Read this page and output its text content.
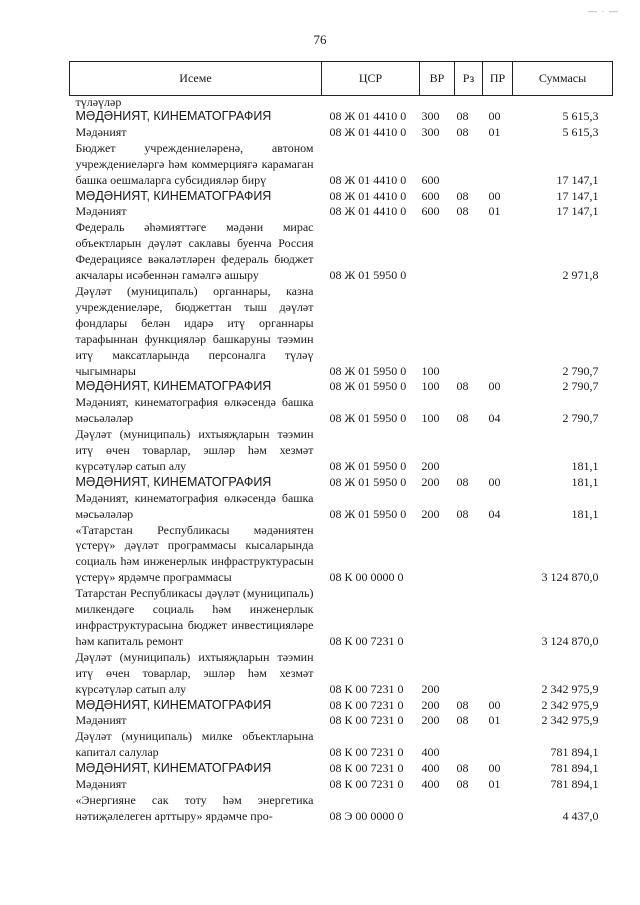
— · —
76
Исеме	ЦСР	ВР	Рз	ПР	Суммасы
түләүләр					
МӘДӘНИЯТ, КИНЕМАТОГРАФИЯ	08 Ж 01 4410 0	300	08	00	5 615,3
Мәдәният	08 Ж 01 4410 0	300	08	01	5 615,3
Бюджет учреждениеләренә, автоном учреждениеләргә һәм коммерциягә карамаган башка оешмаларга субсидияләр бирү	08 Ж 01 4410 0	600			17 147,1
МӘДӘНИЯТ, КИНЕМАТОГРАФИЯ	08 Ж 01 4410 0	600	08	00	17 147,1
Мәдәният	08 Ж 01 4410 0	600	08	01	17 147,1
Федераль әһәмияттәге мәдәни мирас объектларын дәүләт саклавы буенча Россия Федерациясе вәкаләтләрен федераль бюджет акчалары исәбеннән гамәлгә ашыру	08 Ж 01 5950 0				2 971,8
Дәүләт (муниципаль) органнары, казна учреждениеләре, бюджеттан тыш дәүләт фондлары белән идарә итү органнары тарафыннан функцияләр башкаруны тәэмин итү максатларында персоналга түләү чыгымнары	08 Ж 01 5950 0	100			2 790,7
МӘДӘНИЯТ, КИНЕМАТОГРАФИЯ	08 Ж 01 5950 0	100	08	00	2 790,7
Мәдәният, кинематография өлкәсендә башка мәсьәләләр	08 Ж 01 5950 0	100	08	04	2 790,7
Дәүләт (муниципаль) ихтыяҗларын тәэмин итү өчен товарлар, эшләр һәм хезмәт күрсәтүләр сатып алу	08 Ж 01 5950 0	200			181,1
МӘДӘНИЯТ, КИНЕМАТОГРАФИЯ	08 Ж 01 5950 0	200	08	00	181,1
Мәдәният, кинематография өлкәсендә башка мәсьәләләр	08 Ж 01 5950 0	200	08	04	181,1
«Татарстан Республикасы мәдәниятен үстерү» дәүләт программасы кысаларында социаль һәм инженерлык инфраструктурасын үстерү» ярдәмче программасы	08 К 00 0000 0				3 124 870,0
Татарстан Республикасы дәүләт (муниципаль) милкендәге социаль һәм инженерлык инфраструктурасына бюджет инвестицияләре һәм капиталь ремонт	08 К 00 7231 0				3 124 870,0
Дәүләт (муниципаль) ихтыяҗларын тәэмин итү өчен товарлар, эшләр һәм хезмәт күрсәтүләр сатып алу	08 К 00 7231 0	200			2 342 975,9
МӘДӘНИЯТ, КИНЕМАТОГРАФИЯ	08 К 00 7231 0	200	08	00	2 342 975,9
Мәдәният	08 К 00 7231 0	200	08	01	2 342 975,9
Дәүләт (муниципаль) милке объектларына капитал салулар	08 К 00 7231 0	400			781 894,1
МӘДӘНИЯТ, КИНЕМАТОГРАФИЯ	08 К 00 7231 0	400	08	00	781 894,1
Мәдәният	08 К 00 7231 0	400	08	01	781 894,1
«Энергияне сак тоту һәм энергетика нәтиҗәлелеген арттыру» ярдәмче про-	08 Э 00 0000 0				4 437,0
